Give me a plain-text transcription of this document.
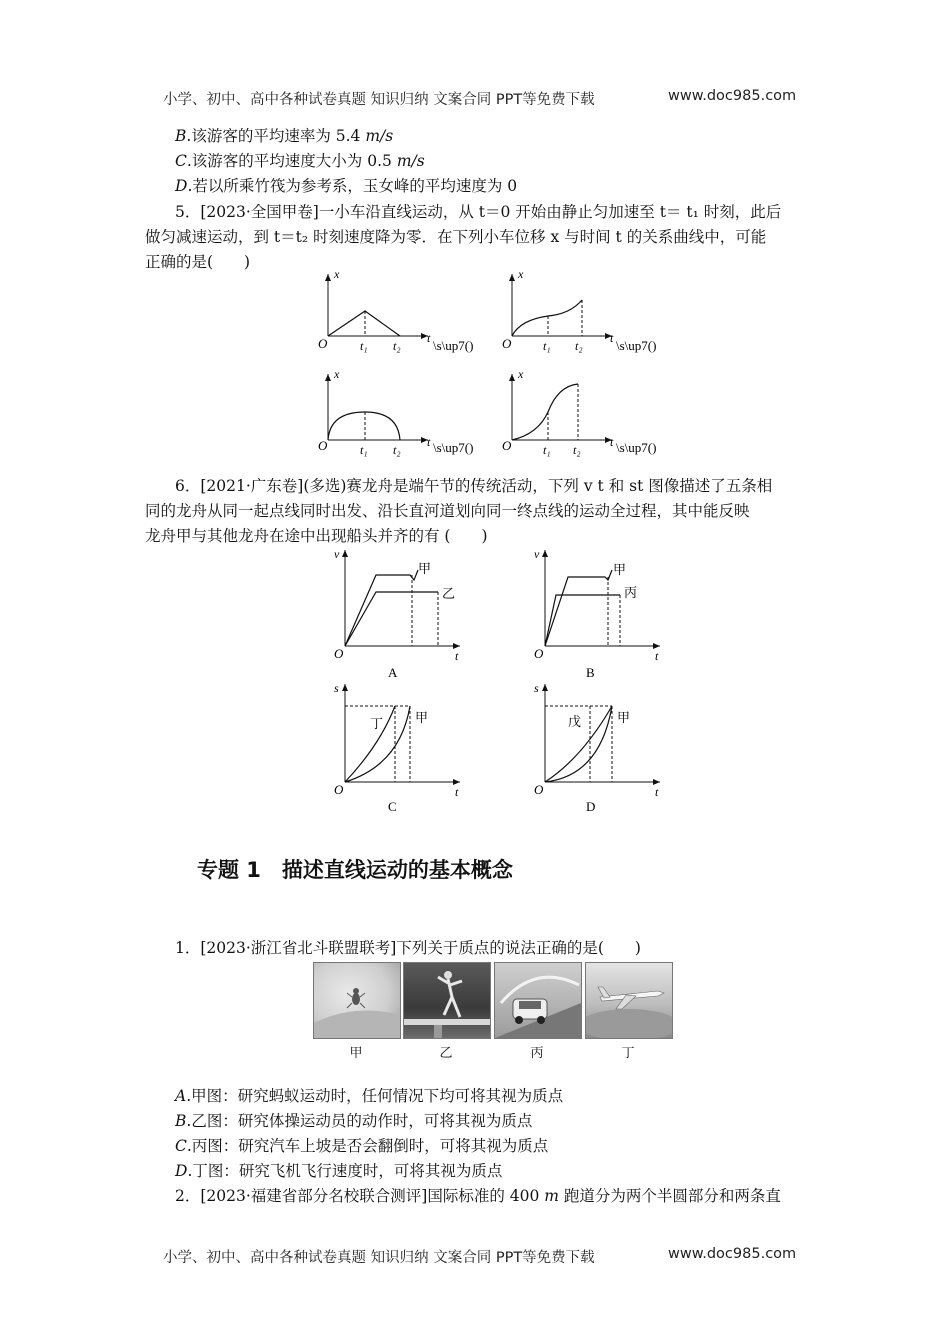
小学、初中、高中各种试卷真题 知识归纳 文案合同 PPT等免费下载	www.doc985.com
B.该游客的平均速率为 5.4 m/s
C.该游客的平均速度大小为 0.5 m/s
D.若以所乘竹筏为参考系，玉女峰的平均速度为 0
5．[2023·全国甲卷]一小车沿直线运动，从 t＝0 开始由静止匀加速至 t＝ t₁ 时刻，此后
做匀减速运动，到 t＝t₂ 时刻速度降为零．在下列小车位移 x 与时间 t 的关系曲线中，可能
正确的是(　　)
x
O	t₁ t₂
t \s\up7()
x
O	t₁ t₂
t \s\up7()
x
O	t₁ t₂
t \s\up7()
x
O	t₁ t₂
t \s\up7()
6．[2021·广东卷](多选)赛龙舟是端午节的传统活动，下列 v t 和 st 图像描述了五条相
同的龙舟从同一起点线同时出发、沿长直河道划向同一终点线的运动全过程，其中能反映
龙舟甲与其他龙舟在途中出现船头并齐的有 (　　)
v
O	t
甲
乙
A
v
O	t
甲
丙
B
s
O	t
丁 甲
C
s
O	t
戊	甲
D
专题 1　描述直线运动的基本概念
1．[2023·浙江省北斗联盟联考]下列关于质点的说法正确的是(　　)
甲	乙	丙	丁
A.甲图：研究蚂蚁运动时，任何情况下均可将其视为质点
B.乙图：研究体操运动员的动作时，可将其视为质点
C.丙图：研究汽车上坡是否会翻倒时，可将其视为质点
D.丁图：研究飞机飞行速度时，可将其视为质点
2．[2023·福建省部分名校联合测评]国际标准的 400 m 跑道分为两个半圆部分和两条直
小学、初中、高中各种试卷真题 知识归纳 文案合同 PPT等免费下载	www.doc985.com
